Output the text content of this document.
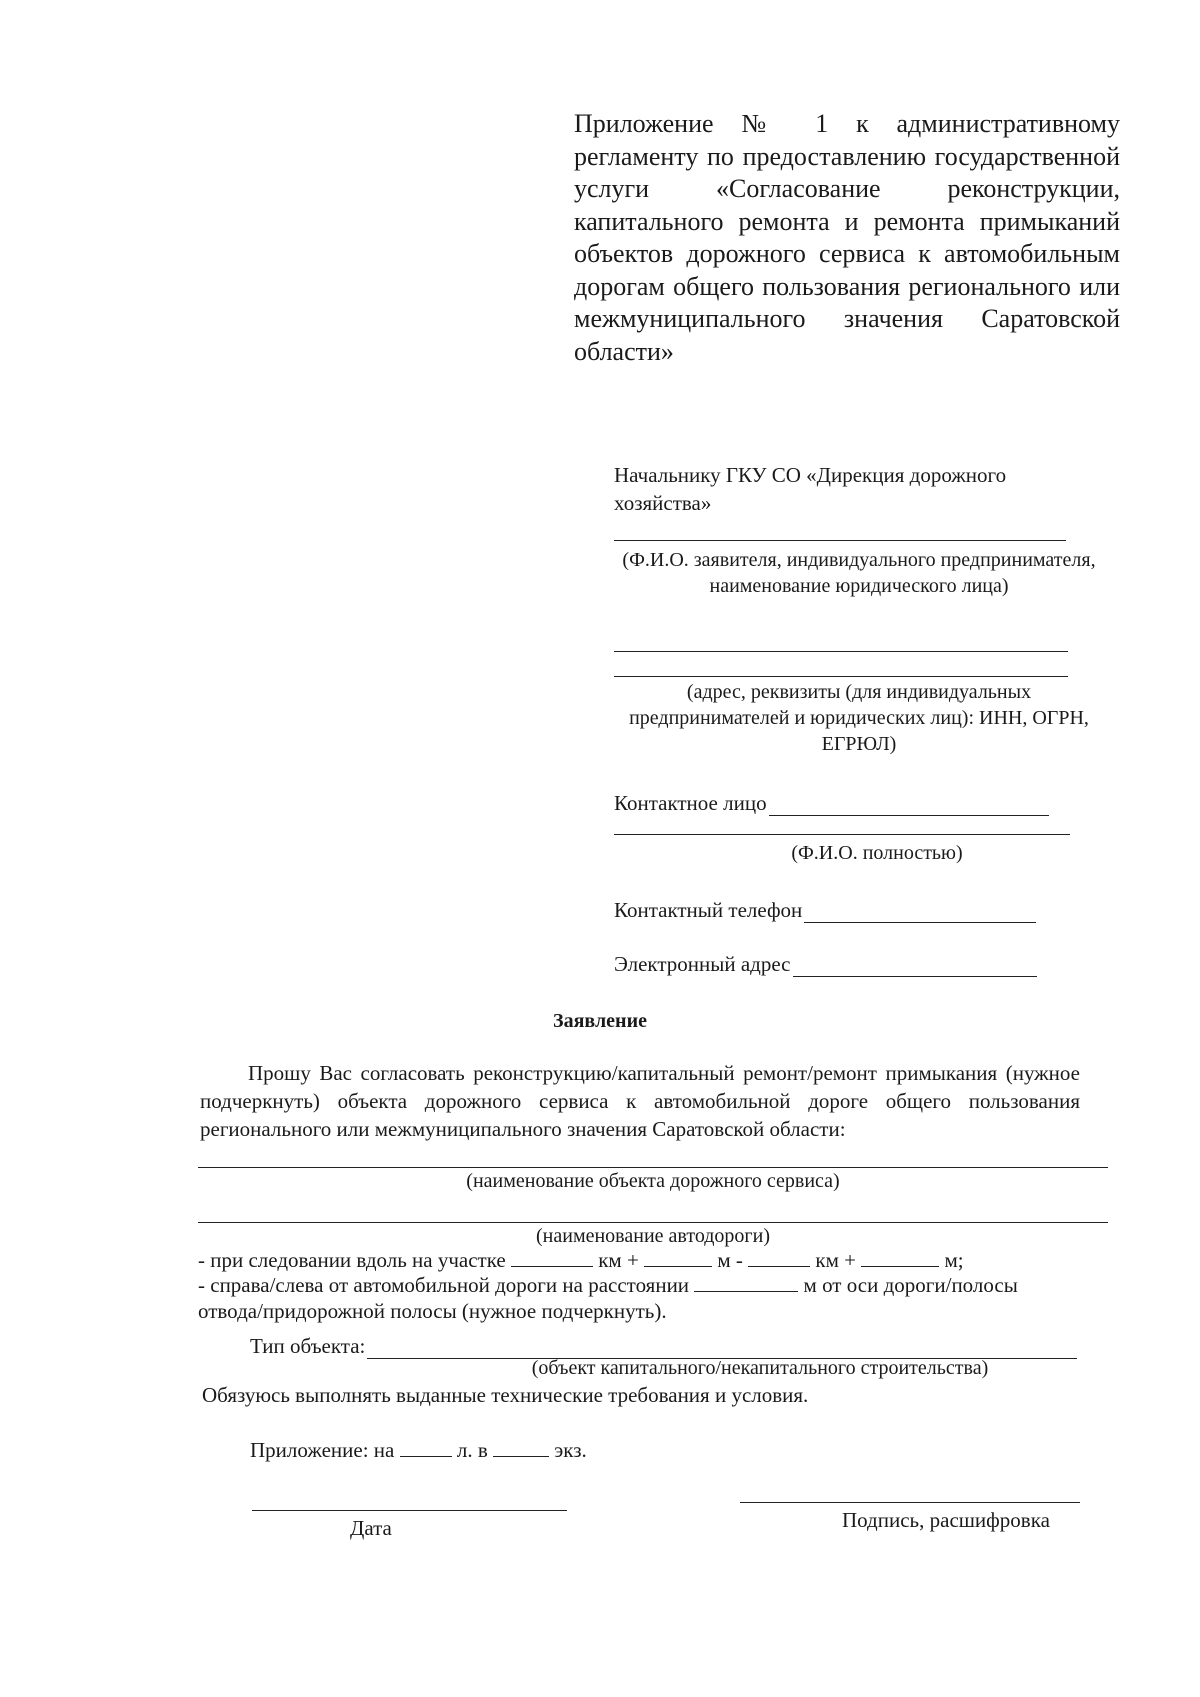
Приложение № 1 к административному регламенту по предоставлению государственной услуги «Согласование реконструкции, капитального ремонта и ремонта примыканий объектов дорожного сервиса к автомобильным дорогам общего пользования регионального или межмуниципального значения Саратовской области»
Начальнику ГКУ СО «Дирекция дорожного
хозяйства»
(Ф.И.О. заявителя, индивидуального предпринимателя, наименование юридического лица)
(адрес, реквизиты (для индивидуальных предпринимателей и юридических лиц): ИНН, ОГРН, ЕГРЮЛ)
Контактное лицо
(Ф.И.О. полностью)
Контактный телефон
Электронный адрес
Заявление
Прошу Вас согласовать реконструкцию/капитальный ремонт/ремонт примыкания (нужное подчеркнуть) объекта дорожного сервиса к автомобильной дороге общего пользования регионального или межмуниципального значения Саратовской области:
(наименование объекта дорожного сервиса)
(наименование автодороги)
- при следовании вдоль на участке	км +	м -	км +	м;
- справа/слева от автомобильной дороги на расстоянии	м от оси дороги/полосы
отвода/придорожной полосы (нужное подчеркнуть).
Тип объекта:
(объект капитального/некапитального строительства)
Обязуюсь выполнять выданные технические требования и условия.
Приложение: на	л. в	экз.
Дата	Подпись, расшифровка
